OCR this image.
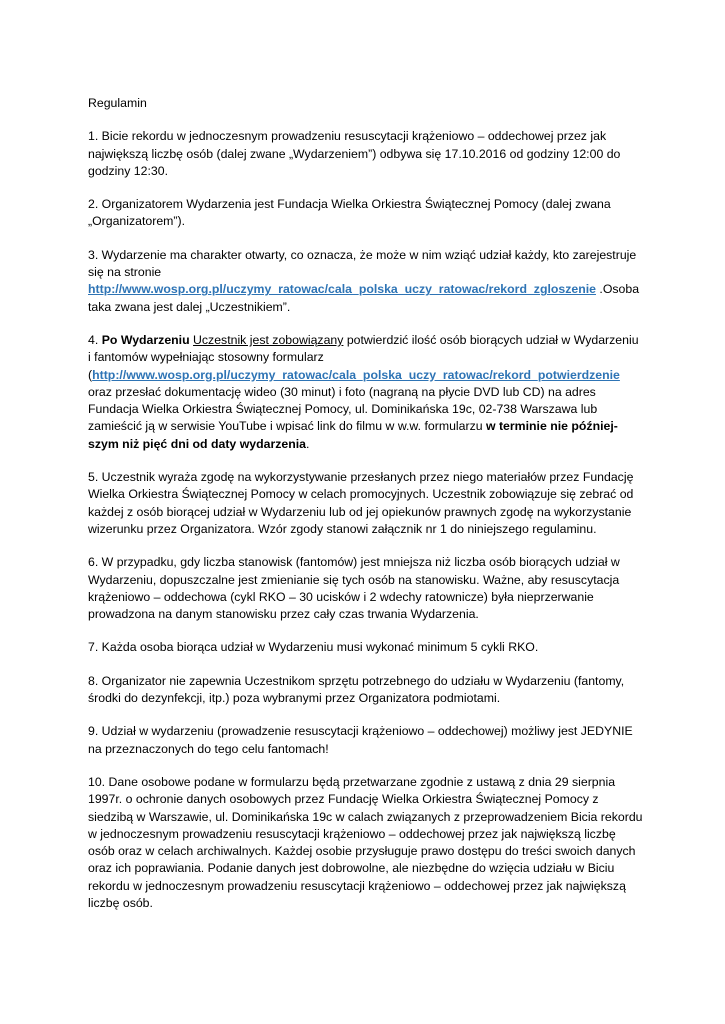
Regulamin

1. Bicie rekordu w jednoczesnym prowadzeniu resuscytacji krążeniowo – oddechowej przez jak największą liczbę osób (dalej zwane „Wydarzeniem”) odbywa się 17.10.2016 od godziny 12:00 do godziny 12:30.

2. Organizatorem Wydarzenia jest Fundacja Wielka Orkiestra Świątecznej Pomocy (dalej zwana „Organizatorem”).

3. Wydarzenie ma charakter otwarty, co oznacza, że może w nim wziąć udział każdy, kto zarejestruje się na stronie http://www.wosp.org.pl/uczymy_ratowac/cala_polska_uczy_ratowac/rekord_zgloszenie .Osoba taka zwana jest dalej „Uczestnikiem”.

4. Po Wydarzeniu Uczestnik jest zobowiązany potwierdzić ilość osób biorących udział w Wydarzeniu i fantomów wypełniając stosowny formularz (http://www.wosp.org.pl/uczymy_ratowac/cala_polska_uczy_ratowac/rekord_potwierdzenie oraz przesłać dokumentację wideo (30 minut) i foto (nagraną na płycie DVD lub CD) na adres Fundacja Wielka Orkiestra Świątecznej Pomocy, ul. Dominikańska 19c, 02-738 Warszawa lub zamieścić ją w serwisie YouTube i wpisać link do filmu w w.w. formularzu w terminie nie późniejszym niż pięć dni od daty wydarzenia.

5. Uczestnik wyraża zgodę na wykorzystywanie przesłanych przez niego materiałów przez Fundację Wielka Orkiestra Świątecznej Pomocy w celach promocyjnych. Uczestnik zobowiązuje się zebrać od każdej z osób biorącej udział w Wydarzeniu lub od jej opiekunów prawnych zgodę na wykorzystanie wizerunku przez Organizatora. Wzór zgody stanowi załącznik nr 1 do niniejszego regulaminu.

6. W przypadku, gdy liczba stanowisk (fantomów) jest mniejsza niż liczba osób biorących udział w Wydarzeniu, dopuszczalne jest zmienianie się tych osób na stanowisku. Ważne, aby resuscytacja krążeniowo – oddechowa (cykl RKO – 30 ucisków i 2 wdechy ratownicze) była nieprzerwanie prowadzona na danym stanowisku przez cały czas trwania Wydarzenia.

7. Każda osoba biorąca udział w Wydarzeniu musi wykonać minimum 5 cykli RKO.

8. Organizator nie zapewnia Uczestnikom sprzętu potrzebnego do udziału w Wydarzeniu (fantomy, środki do dezynfekcji, itp.) poza wybranymi przez Organizatora podmiotami.

9. Udział w wydarzeniu (prowadzenie resuscytacji krążeniowo – oddechowej) możliwy jest JEDYNIE na przeznaczonych do tego celu fantomach!

10. Dane osobowe podane w formularzu będą przetwarzane zgodnie z ustawą z dnia 29 sierpnia 1997r. o ochronie danych osobowych przez Fundację Wielka Orkiestra Świątecznej Pomocy z siedzibą w Warszawie, ul. Dominikańska 19c w calach związanych z przeprowadzeniem Bicia rekordu w jednoczesnym prowadzeniu resuscytacji krążeniowo – oddechowej przez jak największą liczbę osób oraz w celach archiwalnych. Każdej osobie przysługuje prawo dostępu do treści swoich danych oraz ich poprawiania. Podanie danych jest dobrowolne, ale niezbędne do wzięcia udziału w Biciu rekordu w jednoczesnym prowadzeniu resuscytacji krążeniowo – oddechowej przez jak największą liczbę osób.
